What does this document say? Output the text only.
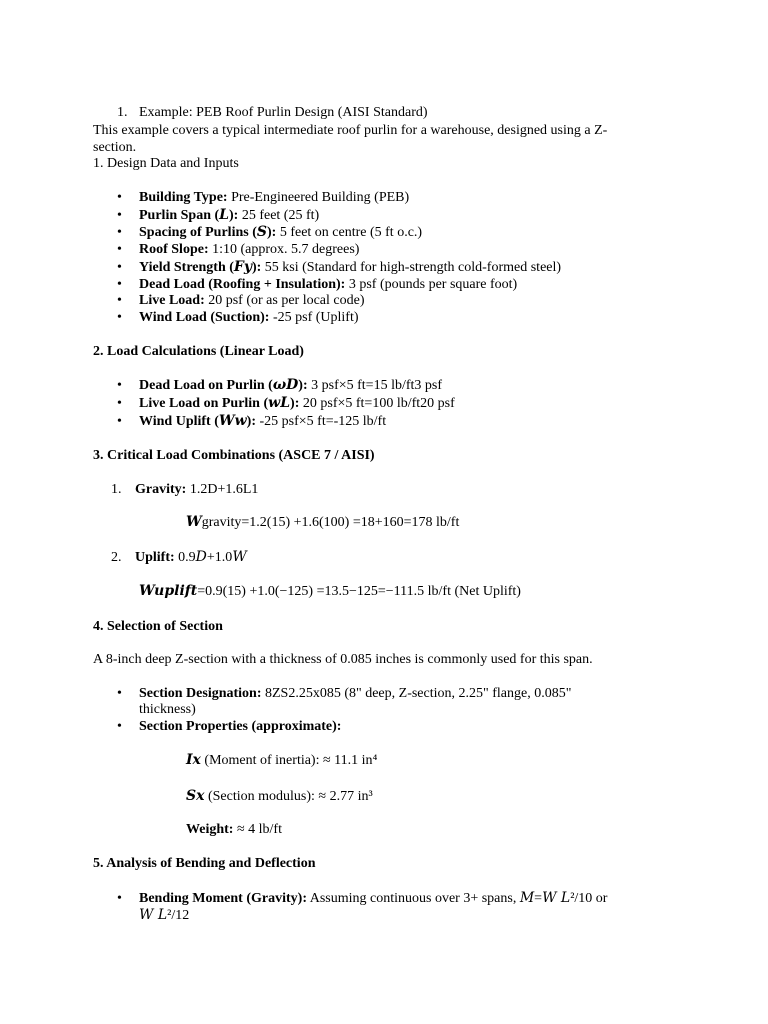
1. Example: PEB Roof Purlin Design (AISI Standard)
This example covers a typical intermediate roof purlin for a warehouse, designed using a Z-
section.
1. Design Data and Inputs
• Building Type: Pre-Engineered Building (PEB)
• Purlin Span (L): 25 feet (25 ft)
• Spacing of Purlins (S): 5 feet on centre (5 ft o.c.)
• Roof Slope: 1:10 (approx. 5.7 degrees)
• Yield Strength (Fy): 55 ksi (Standard for high-strength cold-formed steel)
• Dead Load (Roofing + Insulation): 3 psf (pounds per square foot)
• Live Load: 20 psf (or as per local code)
• Wind Load (Suction): -25 psf (Uplift)
2. Load Calculations (Linear Load)
• Dead Load on Purlin (ωD): 3 psf×5 ft=15 lb/ft3 psf
• Live Load on Purlin (wL): 20 psf×5 ft=100 lb/ft20 psf
• Wind Uplift (Ww): -25 psf×5 ft=-125 lb/ft
3. Critical Load Combinations (ASCE 7 / AISI)
1. Gravity: 1.2D+1.6L1
Wgravity=1.2(15) +1.6(100) =18+160=178 lb/ft
2. Uplift: 0.9D+1.0W
Wuplift=0.9(15) +1.0(−125) =13.5−125=−111.5 lb/ft (Net Uplift)
4. Selection of Section
A 8-inch deep Z-section with a thickness of 0.085 inches is commonly used for this span.
• Section Designation: 8ZS2.25x085 (8" deep, Z-section, 2.25" flange, 0.085"
thickness)
• Section Properties (approximate):
Ix (Moment of inertia): ≈ 11.1 in⁴
Sx (Section modulus): ≈ 2.77 in³
Weight: ≈ 4 lb/ft
5. Analysis of Bending and Deflection
• Bending Moment (Gravity): Assuming continuous over 3+ spans, M=W L²/10 or
W L²/12
